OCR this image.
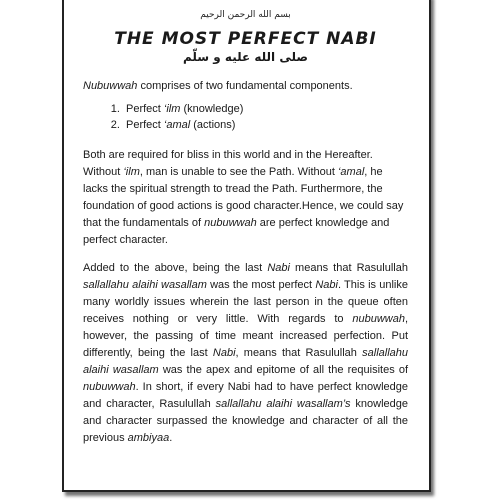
بسم الله الرحمن الرحيم
THE MOST PERFECT NABI
صلى الله عليه و سلّم

Nubuwwah comprises of two fundamental components.

1. Perfect ‘ilm (knowledge)
2. Perfect ‘amal (actions)

Both are required for bliss in this world and in the Hereafter. Without ‘ilm, man is unable to see the Path. Without ‘amal, he lacks the spiritual strength to tread the Path. Furthermore, the foundation of good actions is good character.Hence, we could say that the fundamentals of nubuwwah are perfect knowledge and perfect character.

Added to the above, being the last Nabi means that Rasulullah sallallahu alaihi wasallam was the most perfect Nabi. This is unlike many worldly issues wherein the last person in the queue often receives nothing or very little. With regards to nubuwwah, however, the passing of time meant increased perfection. Put differently, being the last Nabi, means that Rasulullah sallallahu alaihi wasallam was the apex and epitome of all the requisites of nubuwwah. In short, if every Nabi had to have perfect knowledge and character, Rasulullah sallallahu alaihi wasallam’s knowledge and character surpassed the knowledge and character of all the previous ambiyaa.
